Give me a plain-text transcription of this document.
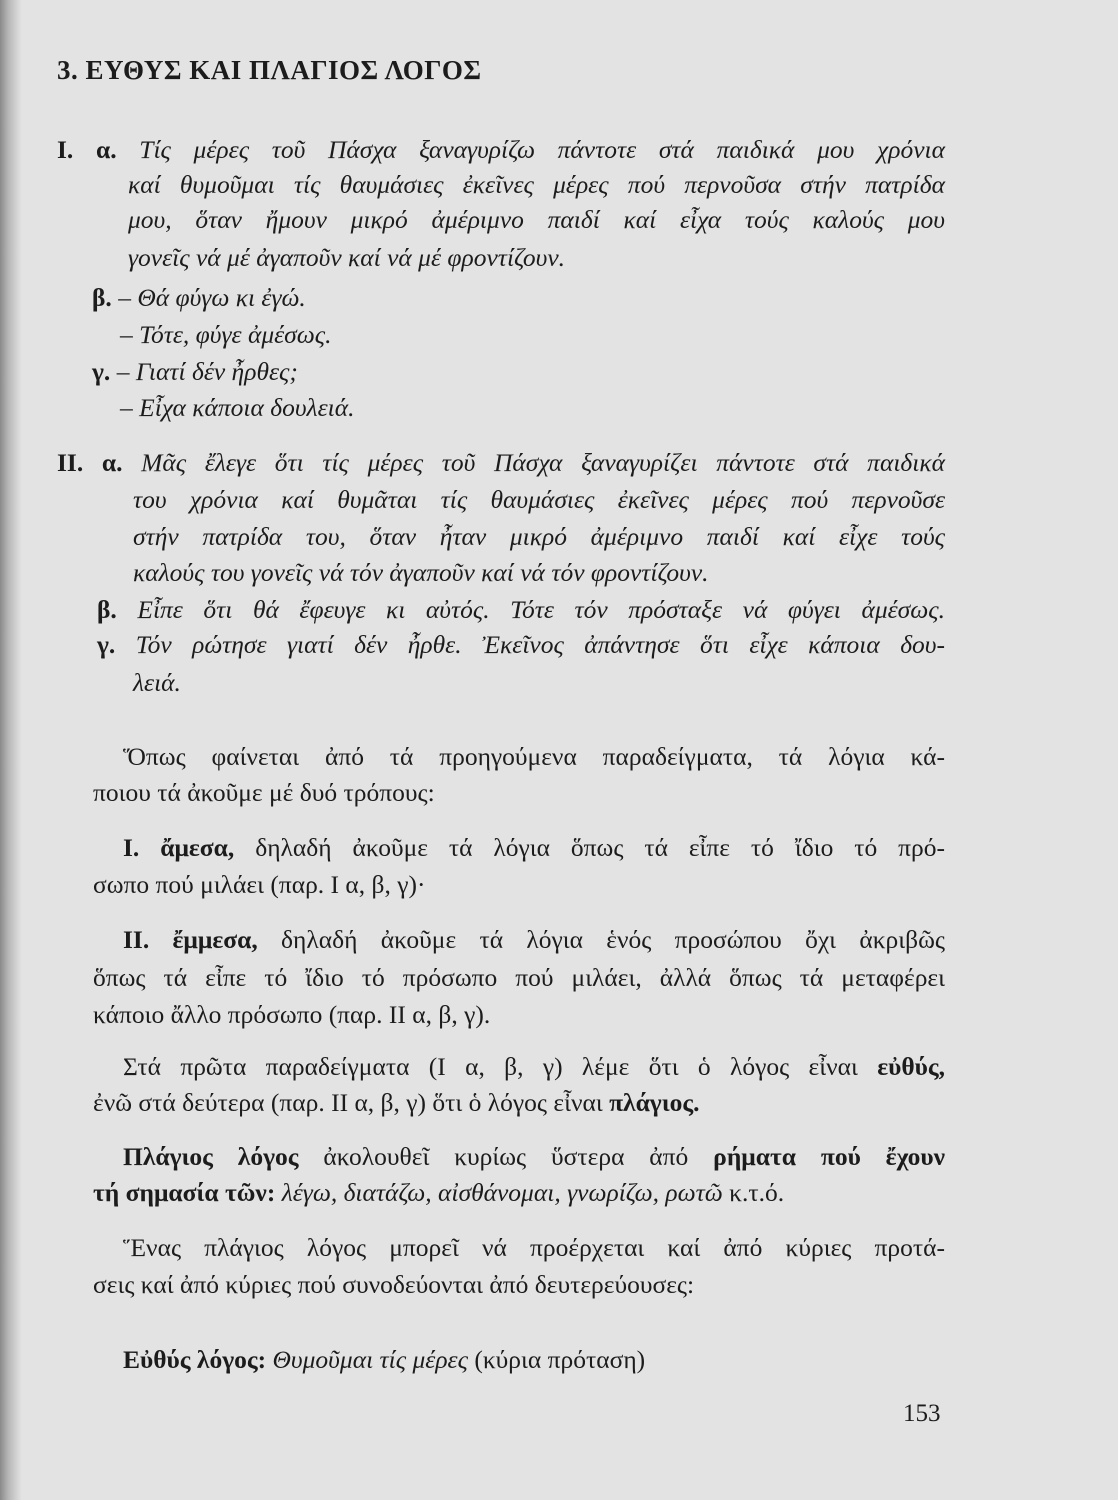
3. ΕΥΘΥΣ ΚΑΙ ΠΛΑΓΙΟΣ ΛΟΓΟΣ
I. α. Τίς μέρες τοῦ Πάσχα ξαναγυρίζω πάντοτε στά παιδικά μου χρόνια
καί θυμοῦμαι τίς θαυμάσιες ἐκεῖνες μέρες πού περνοῦσα στήν πατρίδα
μου, ὅταν ἤμουν μικρό ἀμέριμνο παιδί καί εἶχα τούς καλούς μου
γονεῖς νά μέ ἀγαποῦν καί νά μέ φροντίζουν.
β. – Θά φύγω κι ἐγώ.
– Τότε, φύγε ἀμέσως.
γ. – Γιατί δέν ἦρθες;
– Εἶχα κάποια δουλειά.
II. α. Μᾶς ἔλεγε ὅτι τίς μέρες τοῦ Πάσχα ξαναγυρίζει πάντοτε στά παιδικά
του χρόνια καί θυμᾶται τίς θαυμάσιες ἐκεῖνες μέρες πού περνοῦσε
στήν πατρίδα του, ὅταν ἦταν μικρό ἀμέριμνο παιδί καί εἶχε τούς
καλούς του γονεῖς νά τόν ἀγαποῦν καί νά τόν φροντίζουν.
β. Εἶπε ὅτι θά ἔφευγε κι αὐτός. Τότε τόν πρόσταξε νά φύγει ἀμέσως.
γ. Τόν ρώτησε γιατί δέν ἦρθε. Ἐκεῖνος ἀπάντησε ὅτι εἶχε κάποια δου-
λειά.
Ὅπως φαίνεται ἀπό τά προηγούμενα παραδείγματα, τά λόγια κά-
ποιου τά ἀκοῦμε μέ δυό τρόπους:
I. ἄμεσα, δηλαδή ἀκοῦμε τά λόγια ὅπως τά εἶπε τό ἴδιο τό πρό-
σωπο πού μιλάει (παρ. I α, β, γ)·
II. ἔμμεσα, δηλαδή ἀκοῦμε τά λόγια ἑνός προσώπου ὄχι ἀκριβῶς
ὅπως τά εἶπε τό ἴδιο τό πρόσωπο πού μιλάει, ἀλλά ὅπως τά μεταφέρει
κάποιο ἄλλο πρόσωπο (παρ. II α, β, γ).
Στά πρῶτα παραδείγματα (I α, β, γ) λέμε ὅτι ὁ λόγος εἶναι εὐθύς,
ἐνῶ στά δεύτερα (παρ. II α, β, γ) ὅτι ὁ λόγος εἶναι πλάγιος.
Πλάγιος λόγος ἀκολουθεῖ κυρίως ὕστερα ἀπό ρήματα πού ἔχουν
τή σημασία τῶν: λέγω, διατάζω, αἰσθάνομαι, γνωρίζω, ρωτῶ κ.τ.ό.
Ἕνας πλάγιος λόγος μπορεῖ νά προέρχεται καί ἀπό κύριες προτά-
σεις καί ἀπό κύριες πού συνοδεύονται ἀπό δευτερεύουσες:
Εὐθύς λόγος: Θυμοῦμαι τίς μέρες (κύρια πρόταση)
153
